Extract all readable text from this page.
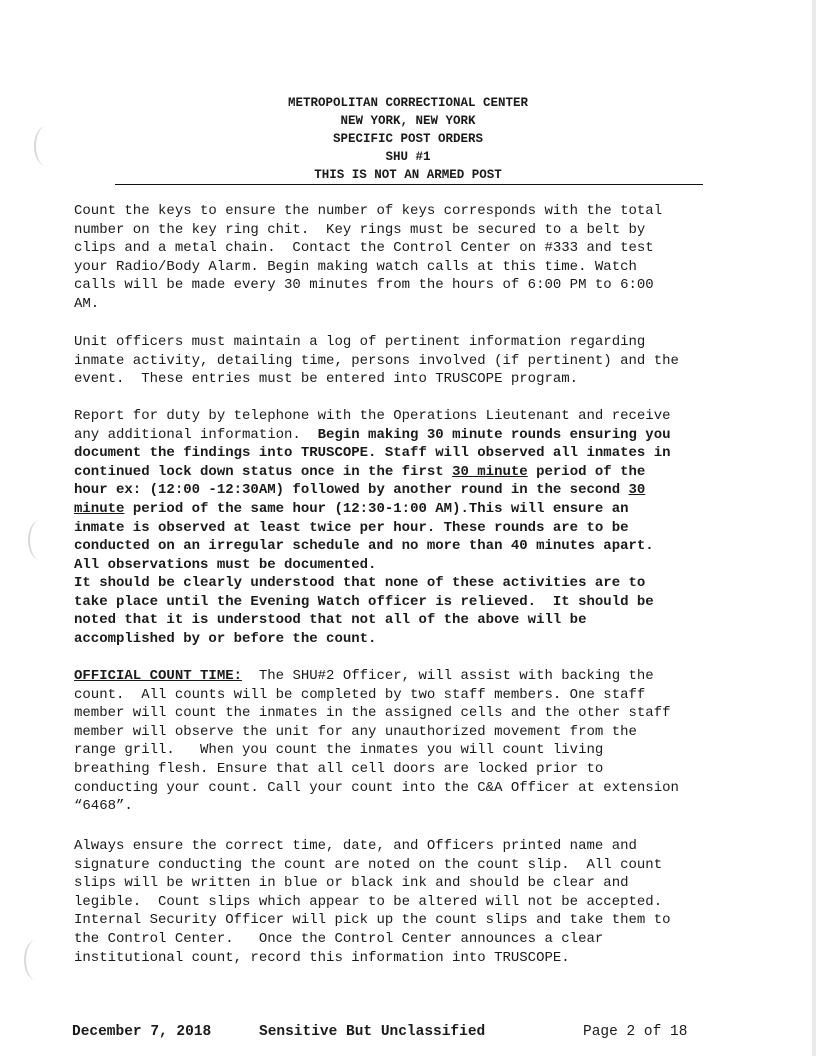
METROPOLITAN CORRECTIONAL CENTER
NEW YORK, NEW YORK
SPECIFIC POST ORDERS
SHU #1
THIS IS NOT AN ARMED POST
Count the keys to ensure the number of keys corresponds with the total
number on the key ring chit.  Key rings must be secured to a belt by
clips and a metal chain.  Contact the Control Center on #333 and test
your Radio/Body Alarm. Begin making watch calls at this time. Watch
calls will be made every 30 minutes from the hours of 6:00 PM to 6:00
AM.
Unit officers must maintain a log of pertinent information regarding
inmate activity, detailing time, persons involved (if pertinent) and the
event.  These entries must be entered into TRUSCOPE program.
Report for duty by telephone with the Operations Lieutenant and receive
any additional information.  Begin making 30 minute rounds ensuring you
document the findings into TRUSCOPE. Staff will observed all inmates in
continued lock down status once in the first 30 minute period of the
hour ex: (12:00 -12:30AM) followed by another round in the second 30
minute period of the same hour (12:30-1:00 AM).This will ensure an
inmate is observed at least twice per hour. These rounds are to be
conducted on an irregular schedule and no more than 40 minutes apart.
All observations must be documented.
It should be clearly understood that none of these activities are to
take place until the Evening Watch officer is relieved.  It should be
noted that it is understood that not all of the above will be
accomplished by or before the count.
OFFICIAL COUNT TIME:  The SHU#2 Officer, will assist with backing the
count.  All counts will be completed by two staff members. One staff
member will count the inmates in the assigned cells and the other staff
member will observe the unit for any unauthorized movement from the
range grill.   When you count the inmates you will count living
breathing flesh. Ensure that all cell doors are locked prior to
conducting your count. Call your count into the C&A Officer at extension
“6468”.
Always ensure the correct time, date, and Officers printed name and
signature conducting the count are noted on the count slip.  All count
slips will be written in blue or black ink and should be clear and
legible.  Count slips which appear to be altered will not be accepted.
Internal Security Officer will pick up the count slips and take them to
the Control Center.   Once the Control Center announces a clear
institutional count, record this information into TRUSCOPE.
December 7, 2018	Sensitive But Unclassified	Page 2 of 18
